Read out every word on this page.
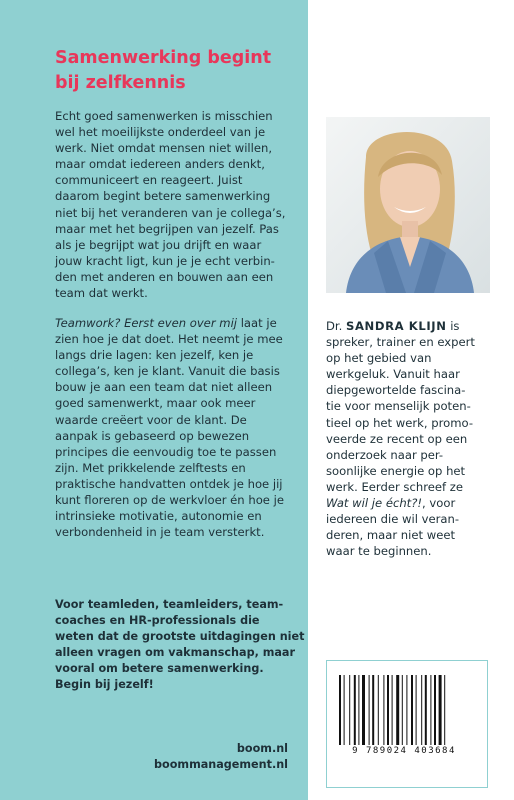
Samenwerking begint
bij zelfkennis
Echt goed samenwerken is misschien
wel het moeilijkste onderdeel van je
werk. Niet omdat mensen niet willen,
maar omdat iedereen anders denkt,
communiceert en reageert. Juist
daarom begint betere samenwerking
niet bij het veranderen van je collega’s,
maar met het begrijpen van jezelf. Pas
als je begrijpt wat jou drijft en waar
jouw kracht ligt, kun je je echt verbin-
den met anderen en bouwen aan een
team dat werkt.
Teamwork? Eerst even over mij laat je
zien hoe je dat doet. Het neemt je mee
langs drie lagen: ken jezelf, ken je
collega’s, ken je klant. Vanuit die basis
bouw je aan een team dat niet alleen
goed samenwerkt, maar ook meer
waarde creëert voor de klant. De
aanpak is gebaseerd op bewezen
principes die eenvoudig toe te passen
zijn. Met prikkelende zelftests en
praktische handvatten ontdek je hoe jij
kunt floreren op de werkvloer én hoe je
intrinsieke motivatie, autonomie en
verbondenheid in je team versterkt.
Voor teamleden, teamleiders, team-
coaches en HR-professionals die
weten dat de grootste uitdagingen niet
alleen vragen om vakmanschap, maar
vooral om betere samenwerking.
Begin bij jezelf!
boom.nl
boommanagement.nl
Dr. SANDRA KLIJN is
spreker, trainer en expert
op het gebied van
werkgeluk. Vanuit haar
diepgewortelde fascina-
tie voor menselijk poten-
tieel op het werk, promo-
veerde ze recent op een
onderzoek naar per-
soonlijke energie op het
werk. Eerder schreef ze
Wat wil je écht?!, voor
iedereen die wil veran-
deren, maar niet weet
waar te beginnen.
9 789024 403684
